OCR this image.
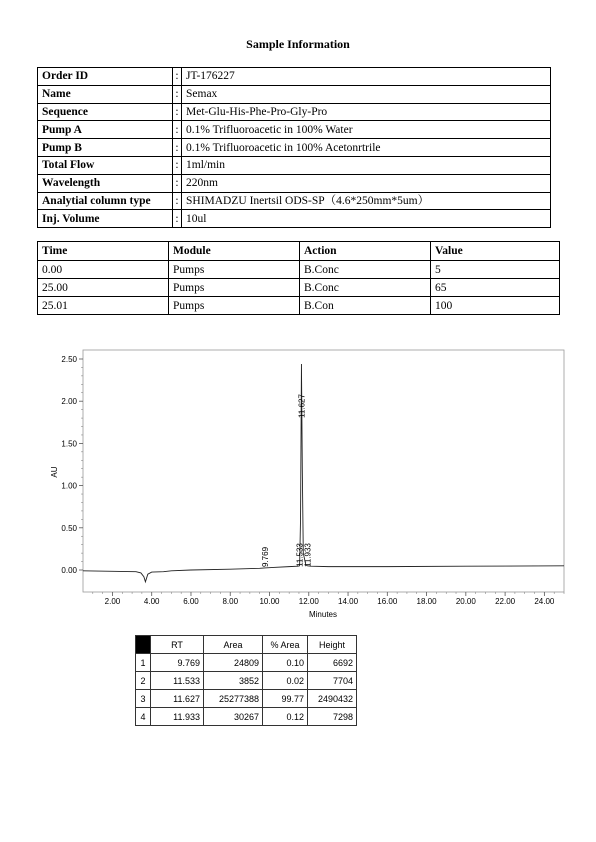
Sample Information
Order ID	:	JT-176227
Name	:	Semax
Sequence	:	Met-Glu-His-Phe-Pro-Gly-Pro
Pump A	:	0.1% Trifluoroacetic in 100% Water
Pump B	:	0.1% Trifluoroacetic in 100% Acetonrtrile
Total Flow	:	1ml/min
Wavelength	:	220nm
Analytial column type	:	SHIMADZU Inertsil ODS-SP（4.6*250mm*5um）
Inj. Volume	:	10ul
Time	Module	Action	Value
0.00	Pumps	B.Conc	5
25.00	Pumps	B.Conc	65
25.01	Pumps	B.Con	100
0.00
0.50
1.00
1.50
2.00
2.50
2.00	4.00	6.00	8.00	10.00 12.00 14.00 16.00 18.00 20.00 22.00 24.00
9.769	11.533
11.627
11.933
Minutes
AU
	RT	Area	% Area	Height
1	9.769	24809	0.10	6692
2	11.533	3852	0.02	7704
3	11.627	25277388	99.77	2490432
4	11.933	30267	0.12	7298
